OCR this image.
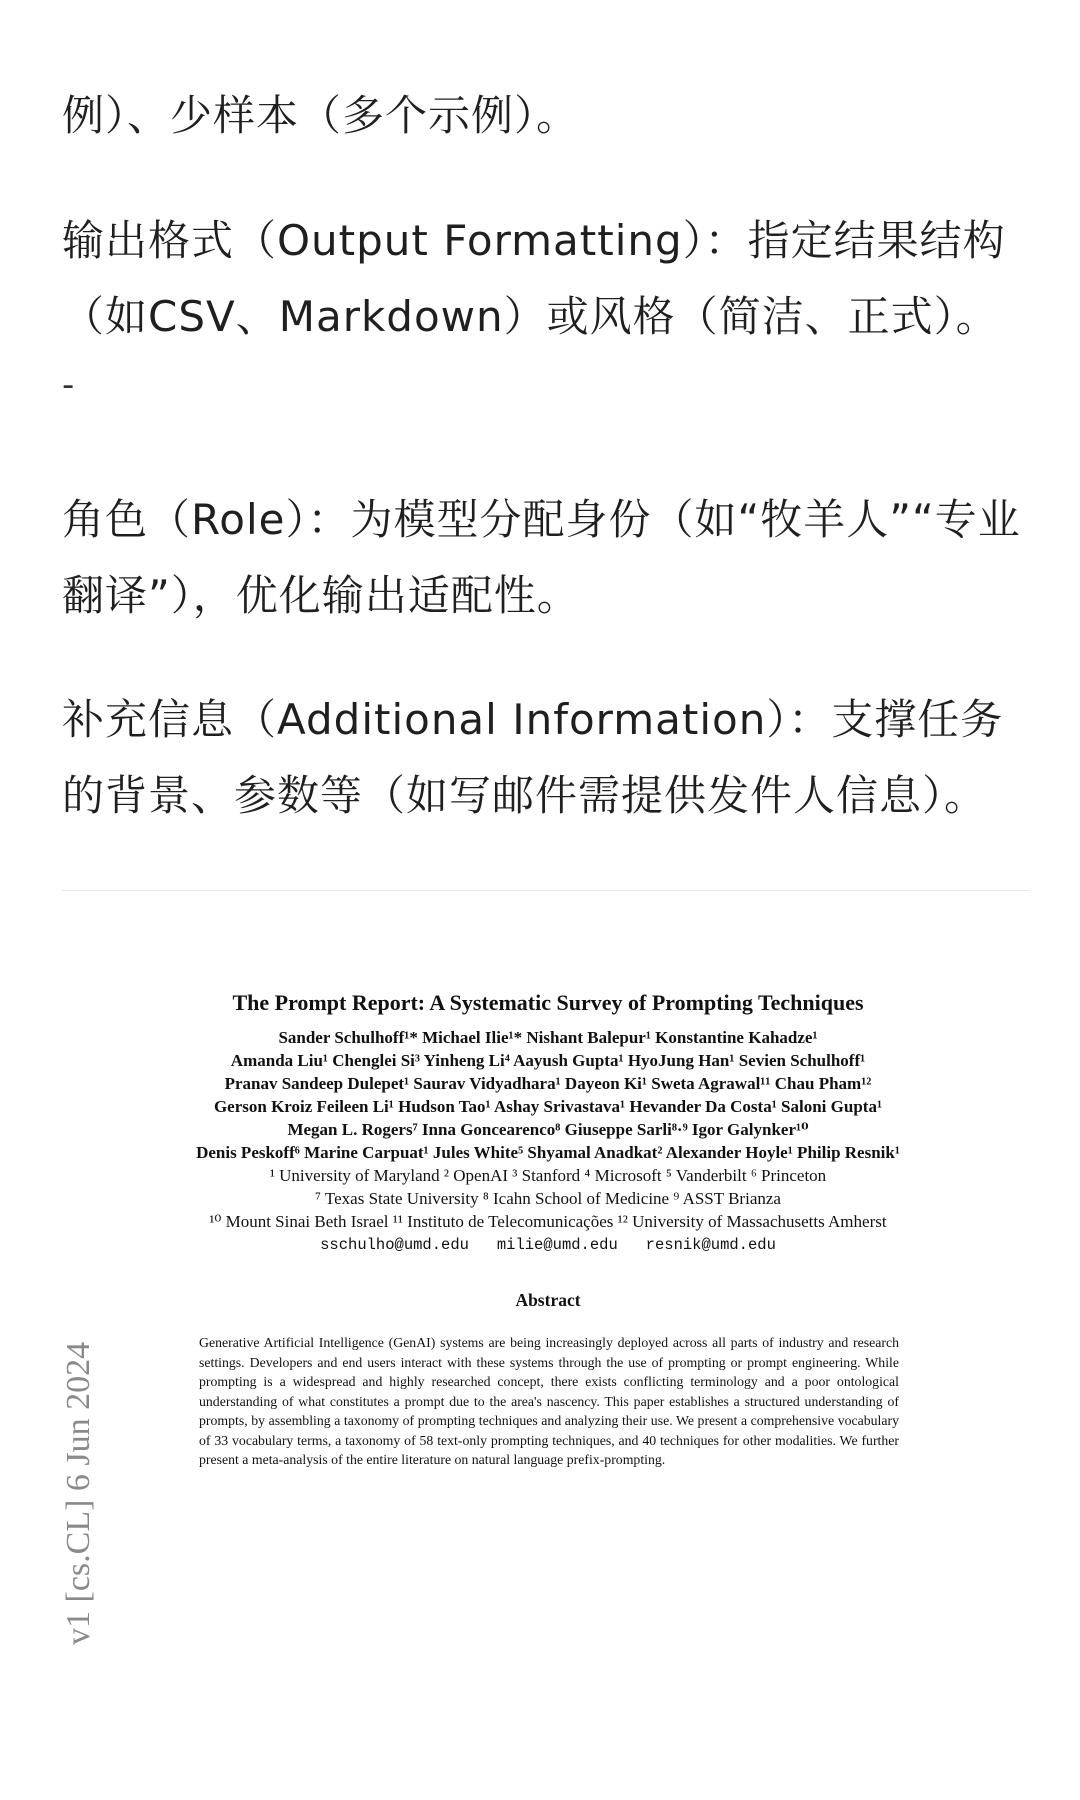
例）、少样本（多个示例）。
输出格式（Output Formatting）：指定结果结构（如CSV、Markdown）或风格（简洁、正式）。
-
角色（Role）：为模型分配身份（如“牧羊人”“专业翻译”），优化输出适配性。
补充信息（Additional Information）：支撑任务的背景、参数等（如写邮件需提供发件人信息）。
v1 [cs.CL] 6 Jun 2024
The Prompt Report: A Systematic Survey of Prompting Techniques
Sander Schulhoff¹* Michael Ilie¹* Nishant Balepur¹ Konstantine Kahadze¹
Amanda Liu¹ Chenglei Si³ Yinheng Li⁴ Aayush Gupta¹ HyoJung Han¹ Sevien Schulhoff¹
Pranav Sandeep Dulepet¹ Saurav Vidyadhara¹ Dayeon Ki¹ Sweta Agrawal¹¹ Chau Pham¹²
Gerson Kroiz Feileen Li¹ Hudson Tao¹ Ashay Srivastava¹ Hevander Da Costa¹ Saloni Gupta¹
Megan L. Rogers⁷ Inna Goncearenco⁸ Giuseppe Sarli⁸·⁹ Igor Galynker¹⁰
Denis Peskoff⁶ Marine Carpuat¹ Jules White⁵ Shyamal Anadkat² Alexander Hoyle¹ Philip Resnik¹
¹ University of Maryland ² OpenAI ³ Stanford ⁴ Microsoft ⁵ Vanderbilt ⁶ Princeton
⁷ Texas State University ⁸ Icahn School of Medicine ⁹ ASST Brianza
¹⁰ Mount Sinai Beth Israel ¹¹ Instituto de Telecomunicações ¹² University of Massachusetts Amherst
sschulho@umd.edu   milie@umd.edu   resnik@umd.edu
Abstract
Generative Artificial Intelligence (GenAI) systems are being increasingly deployed across all parts of industry and research settings. Developers and end users interact with these systems through the use of prompting or prompt engineering. While prompting is a widespread and highly researched concept, there exists conflicting terminology and a poor ontological understanding of what constitutes a prompt due to the area's nascency. This paper establishes a structured understanding of prompts, by assembling a taxonomy of prompting techniques and analyzing their use. We present a comprehensive vocabulary of 33 vocabulary terms, a taxonomy of 58 text-only prompting techniques, and 40 techniques for other modalities. We further present a meta-analysis of the entire literature on natural language prefix-prompting.
